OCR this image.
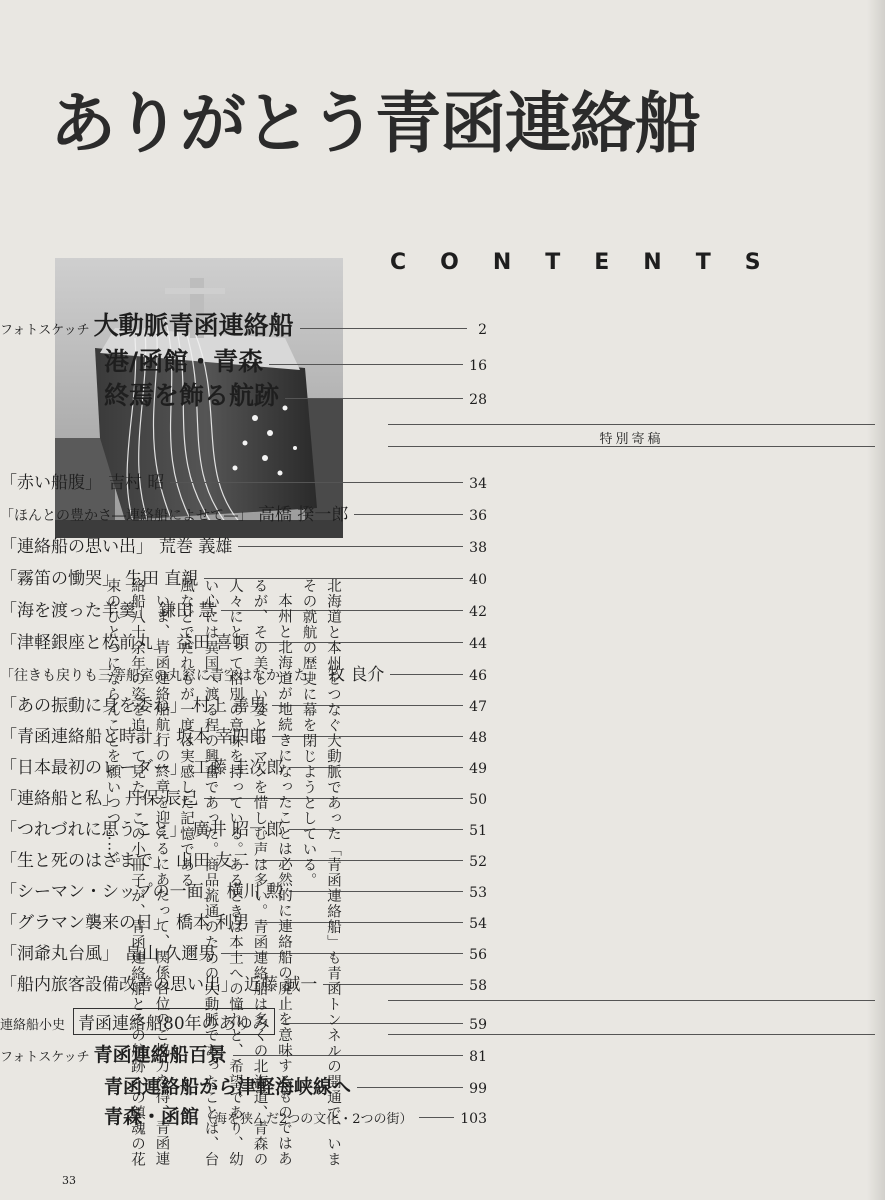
ありがとう青函連絡船
CONTENTS
フォトスケッチ 大動脈青函連絡船	2
港/函館・青森	16
終焉を飾る航跡	28
特別寄稿
「赤い船腹」 吉村 昭	34
「ほんとの豊かさ―連絡船によせて―」 高橋 揆一郎	36
「連絡船の思い出」 荒巻 義雄	38
「霧笛の慟哭」 生田 直親	40
「海を渡った羊羹」 鎌田 慧	42
「津軽銀座と松前丸」 益田 喜頓	44
「往きも戻りも三等船室の丸窓に青空はなかった」 牧 良介	46
「あの振動に身を委ね」 村上 善男	47
「青函連絡船と時計」 坂本 幸四郎	48
「日本最初のレーダー」 工藤 圭次郎	49
「連絡船と私」 丹保 辰己	50
「つれづれに思うこと」 廣井 昭一郎	51
「生と死のはざまで」 山田 友二	52
「シーマン・シップの一面」 横川 勲	53
「グラマン襲来の日」 橋本 利男	54
「洞爺丸台風」 畠山 久邇男	56
「船内旅客設備改善の思い出」 近藤 誠一	58
連絡船小史 青函連絡船80年のあゆみ	59
フォトスケッチ 青函連絡船百景	81
青函連絡船から津軽海峡線へ	99
青森・函館 （海を狭んだ2つの文化・2つの街）	103

北海道と本州をつなぐ大動脈であった「青函連絡船」も青函トンネルの開通で、いまその就航の歴史に幕を閉じようとしている。

本州と北海道が地続きになったことは必然的に連絡船の廃止を意味するものではあるが、その美しい姿とロマンを惜しむ声は多い。青函連絡船は多くの北海道、青森の人々にとって格別の意味を持っている。あるときは本土への憧れと、希望であり、幼い心には異国へ渡る程の興奮であった。商品流通のための大動脈であったことは、台風などでだれもが一度は実感した記憶である。

いま、青函連絡船航行の終章を迎えるにあたって、関係各位のご協力を得、青函連絡船八十余年の姿を追って見た。この小冊子が、青函連絡船とその航跡への鎮魂の花束のひとつにならんことを願いつつ……。

33
